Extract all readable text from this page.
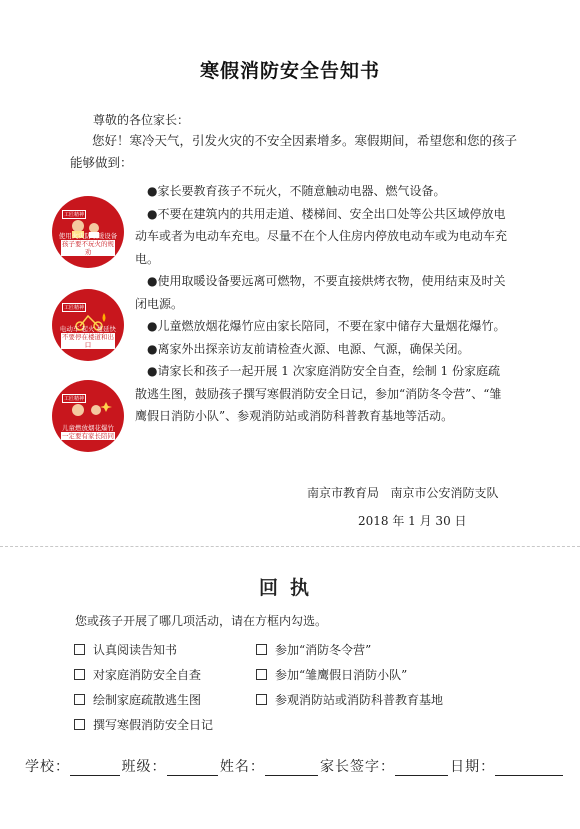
寒假消防安全告知书
尊敬的各位家长：
您好！寒冷天气，引发火灾的不安全因素增多。寒假期间，希望您和您的孩子能够做到：

●家长要教育孩子不玩火，不随意触动电器、燃气设备。

●不要在建筑内的共用走道、楼梯间、安全出口处等公共区域停放电动车或者为电动车充电。尽量不在个人住房内停放电动车或为电动车充电。

●使用取暖设备要远离可燃物，不要直接烘烤衣物，使用结束及时关闭电源。

●儿童燃放烟花爆竹应由家长陪同，不要在家中储存大量烟花爆竹。

●离家外出探亲访友前请检查火源、电源、气源，确保关闭。

●请家长和孩子一起开展 1 次家庭消防安全自查，绘制 1 份家庭疏散逃生图，鼓励孩子撰写寒假消防安全日记，参加“消防冬令营”、“雏鹰假日消防小队”、参观消防站或消防科普教育基地等活动。

工匠精神
使用火灾防取暖设备
孩子要不玩火的规劝
工匠精神
电动车 起火 蔓延快
不要停在楼道和出口
工匠精神
儿童燃放烟花爆竹
一定要有家长陪同
南京市教育局   南京市公安消防支队
2018 年 1 月 30 日
回执
您或孩子开展了哪几项活动，请在方框内勾选。
认真阅读告知书	参加“消防冬令营”
对家庭消防安全自查	参加“雏鹰假日消防小队”
绘制家庭疏散逃生图	参观消防站或消防科普教育基地
撰写寒假消防安全日记
学校：	班级：	姓名：	家长签字：	日期：
